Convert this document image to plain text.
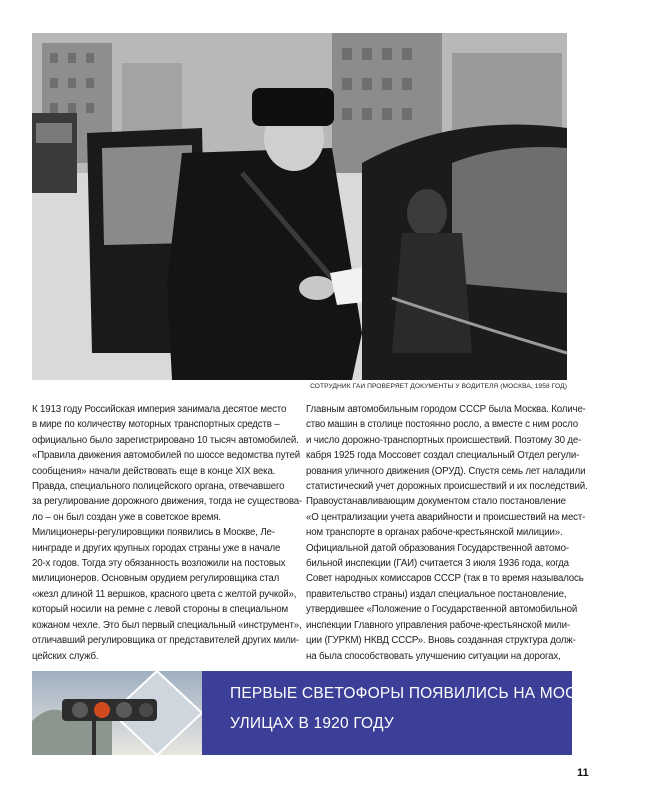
СОТРУДНИК ГАИ ПРОВЕРЯЕТ ДОКУМЕНТЫ У ВОДИТЕЛЯ (МОСКВА, 1958 ГОД)
К 1913 году Российская империя занимала десятое место
в мире по количеству моторных транспортных средств –
официально было зарегистрировано 10 тысяч автомобилей.
«Правила движения автомобилей по шоссе ведомства путей
сообщения» начали действовать еще в конце XIX века.
Правда, специального полицейского органа, отвечавшего
за регулирование дорожного движения, тогда не существова-
ло – он был создан уже в советское время.
Милиционеры-регулировщики появились в Москве, Ле-
нинграде и других крупных городах страны уже в начале
20-х годов. Тогда эту обязанность возложили на постовых
милиционеров. Основным орудием регулировщика стал
«жезл длиной 11 вершков, красного цвета с желтой ручкой»,
который носили на ремне с левой стороны в специальном
кожаном чехле. Это был первый специальный «инструмент»,
отличавший регулировщика от представителей других мили-
цейских служб.
Главным автомобильным городом СССР была Москва. Количе-
ство машин в столице постоянно росло, а вместе с ним росло
и число дорожно-транспортных происшествий. Поэтому 30 де-
кабря 1925 года Моссовет создал специальный Отдел регули-
рования уличного движения (ОРУД). Спустя семь лет наладили
статистический учет дорожных происшествий и их последствий.
Правоустанавливающим документом стало постановление
«О централизации учета аварийности и происшествий на мест-
ном транспорте в органах рабоче-крестьянской милиции».
Официальной датой образования Государственной автомо-
бильной инспекции (ГАИ) считается 3 июля 1936 года, когда
Совет народных комиссаров СССР (так в то время называлось
правительство страны) издал специальное постановление,
утвердившее «Положение о Государственной автомобильной
инспекции Главного управления рабоче-крестьянской мили-
ции (ГУРКМ) НКВД СССР». Вновь созданная структура долж-
на была способствовать улучшению ситуации на дорогах,
ПЕРВЫЕ СВЕТОФОРЫ ПОЯВИЛИСЬ НА МОСКОВСКИХ
УЛИЦАХ В 1920 ГОДУ
11
